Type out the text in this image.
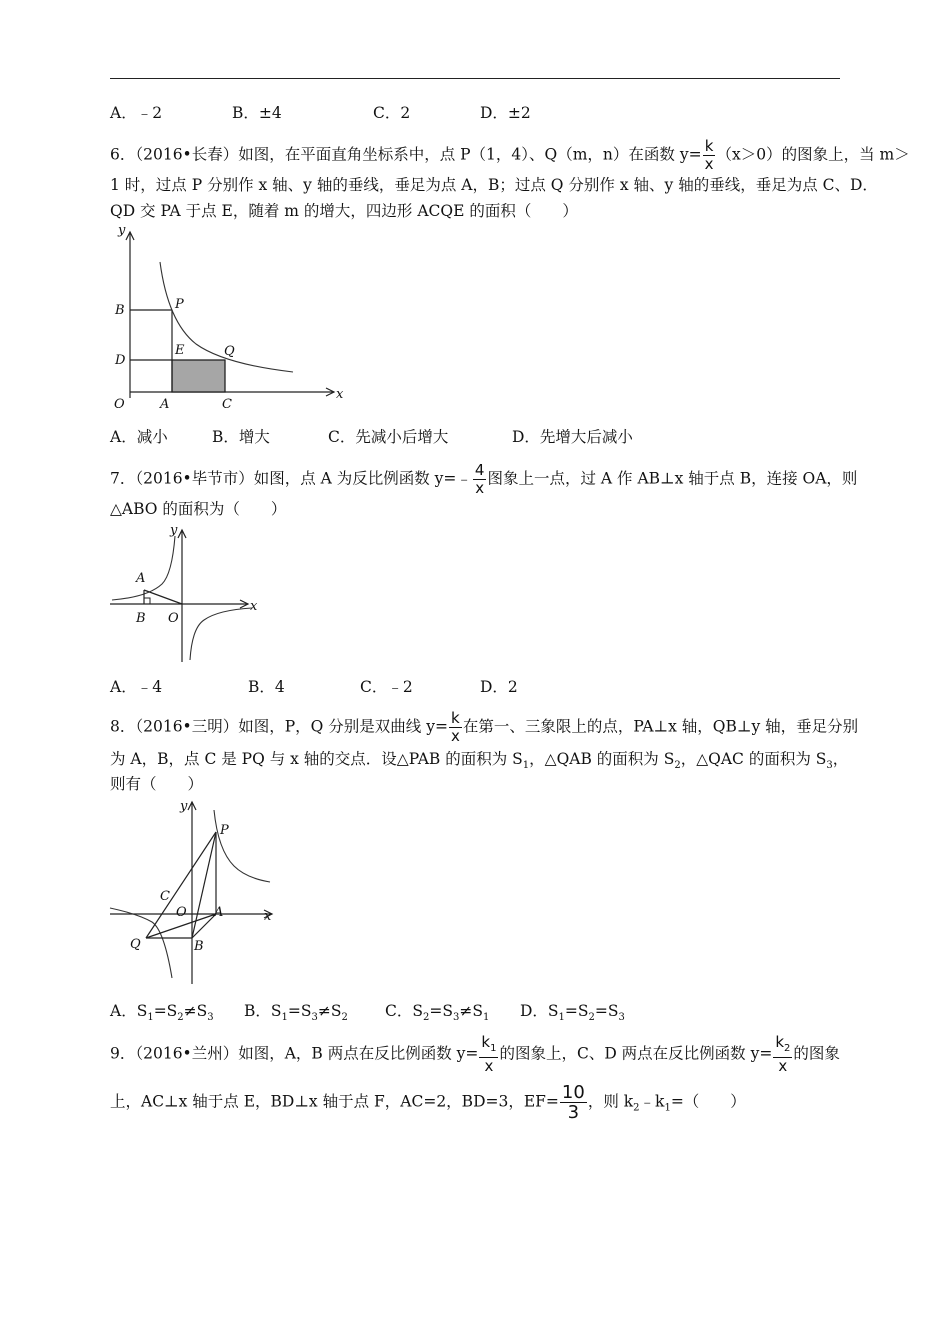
A．﹣2	B．±4	C．2	D．±2
6．（2016•长春）如图，在平面直角坐标系中，点 P（1，4）、Q（m，n）在函数 $y= \frac{k}{x} (x>0)$的图象上，当 m＞
1 时，过点 P 分别作 x 轴、y 轴的垂线，垂足为点 A，B；过点 Q 分别作 x 轴、y 轴的垂线，垂足为点 C、D．
QD 交 PA 于点 E，随着 m 的增大，四边形 ACQE 的面积（　　）
y
x
B	P
D
E	Q
O	A	C
A．减小	B．增大	C．先减小后增大	D．先增大后减小
7．（2016•毕节市）如图，点 A 为反比例函数 y=﹣ $\frac{4}{x}$ 图象上一点，过 A 作 AB⊥x 轴于点 B，连接 OA，则
△ABO 的面积为（　　）
y
x
A
B O
A．﹣4	B．4	C．﹣2	D．2
8．（2016•三明）如图，P，Q 分别是双曲线 $y= \frac{k}{x}$ 在第一、三象限上的点，PA⊥x 轴，QB⊥y 轴，垂足分别
为 A，B，点 C 是 PQ 与 x 轴的交点．设△PAB 的面积为 $S_1$，△QAB 的面积为 $S_2$，△QAC 的面积为 $S_3$，
则有（　　）
y
x
P
C
O A
Q	B
A．$S_1=S_2\ne S_3$ B．$S_1=S_3\ne S_2$ C．$S_2=S_3\ne S_1$ D．$S_1=S_2=S_3$
9．（2016•兰州）如图，A，B 两点在反比例函数 $y= \frac{k_1}{x}$ 的图象上，C、D 两点在反比例函数 $y= \frac{k_2}{x}$ 的图象
上，AC⊥x 轴于点 E，BD⊥x 轴于点 F，AC=2，BD=3，$EF= \frac{10}{3}$ ，则 $k_2﹣k_1=$（　　）
